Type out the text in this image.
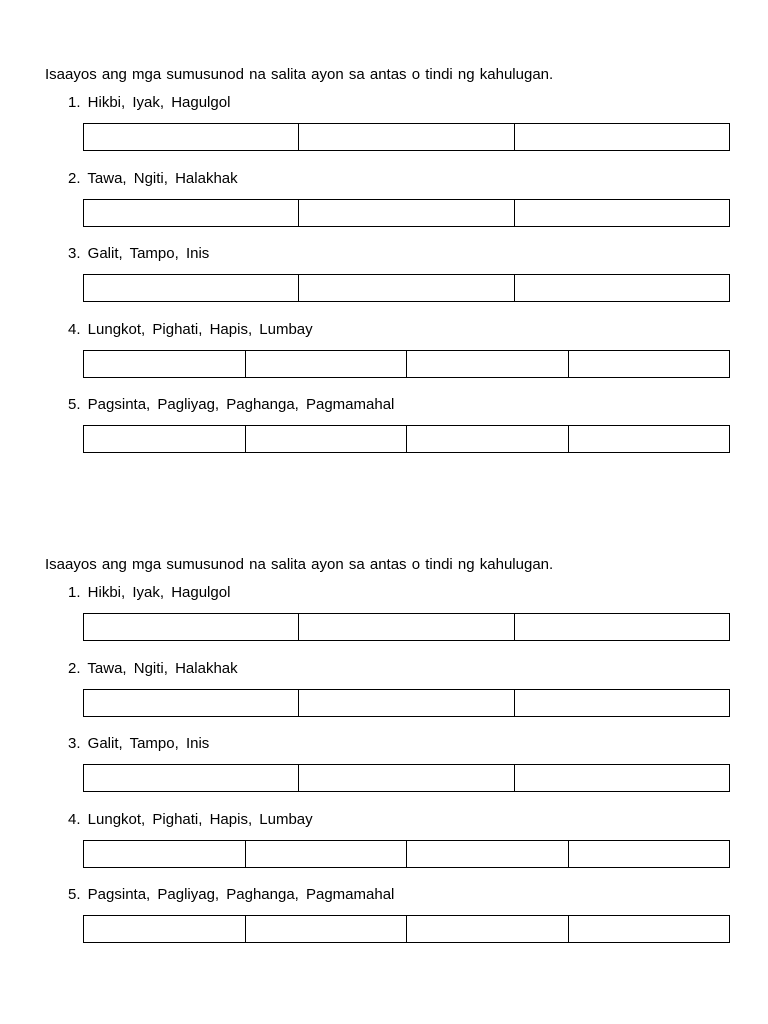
Isaayos ang mga sumusunod na salita ayon sa antas o tindi ng kahulugan.
1. Hikbi, Iyak, Hagulgol
2. Tawa, Ngiti, Halakhak
3. Galit, Tampo, Inis
4. Lungkot, Pighati, Hapis, Lumbay
5. Pagsinta, Pagliyag, Paghanga, Pagmamahal
Isaayos ang mga sumusunod na salita ayon sa antas o tindi ng kahulugan.
1. Hikbi, Iyak, Hagulgol
2. Tawa, Ngiti, Halakhak
3. Galit, Tampo, Inis
4. Lungkot, Pighati, Hapis, Lumbay
5. Pagsinta, Pagliyag, Paghanga, Pagmamahal
